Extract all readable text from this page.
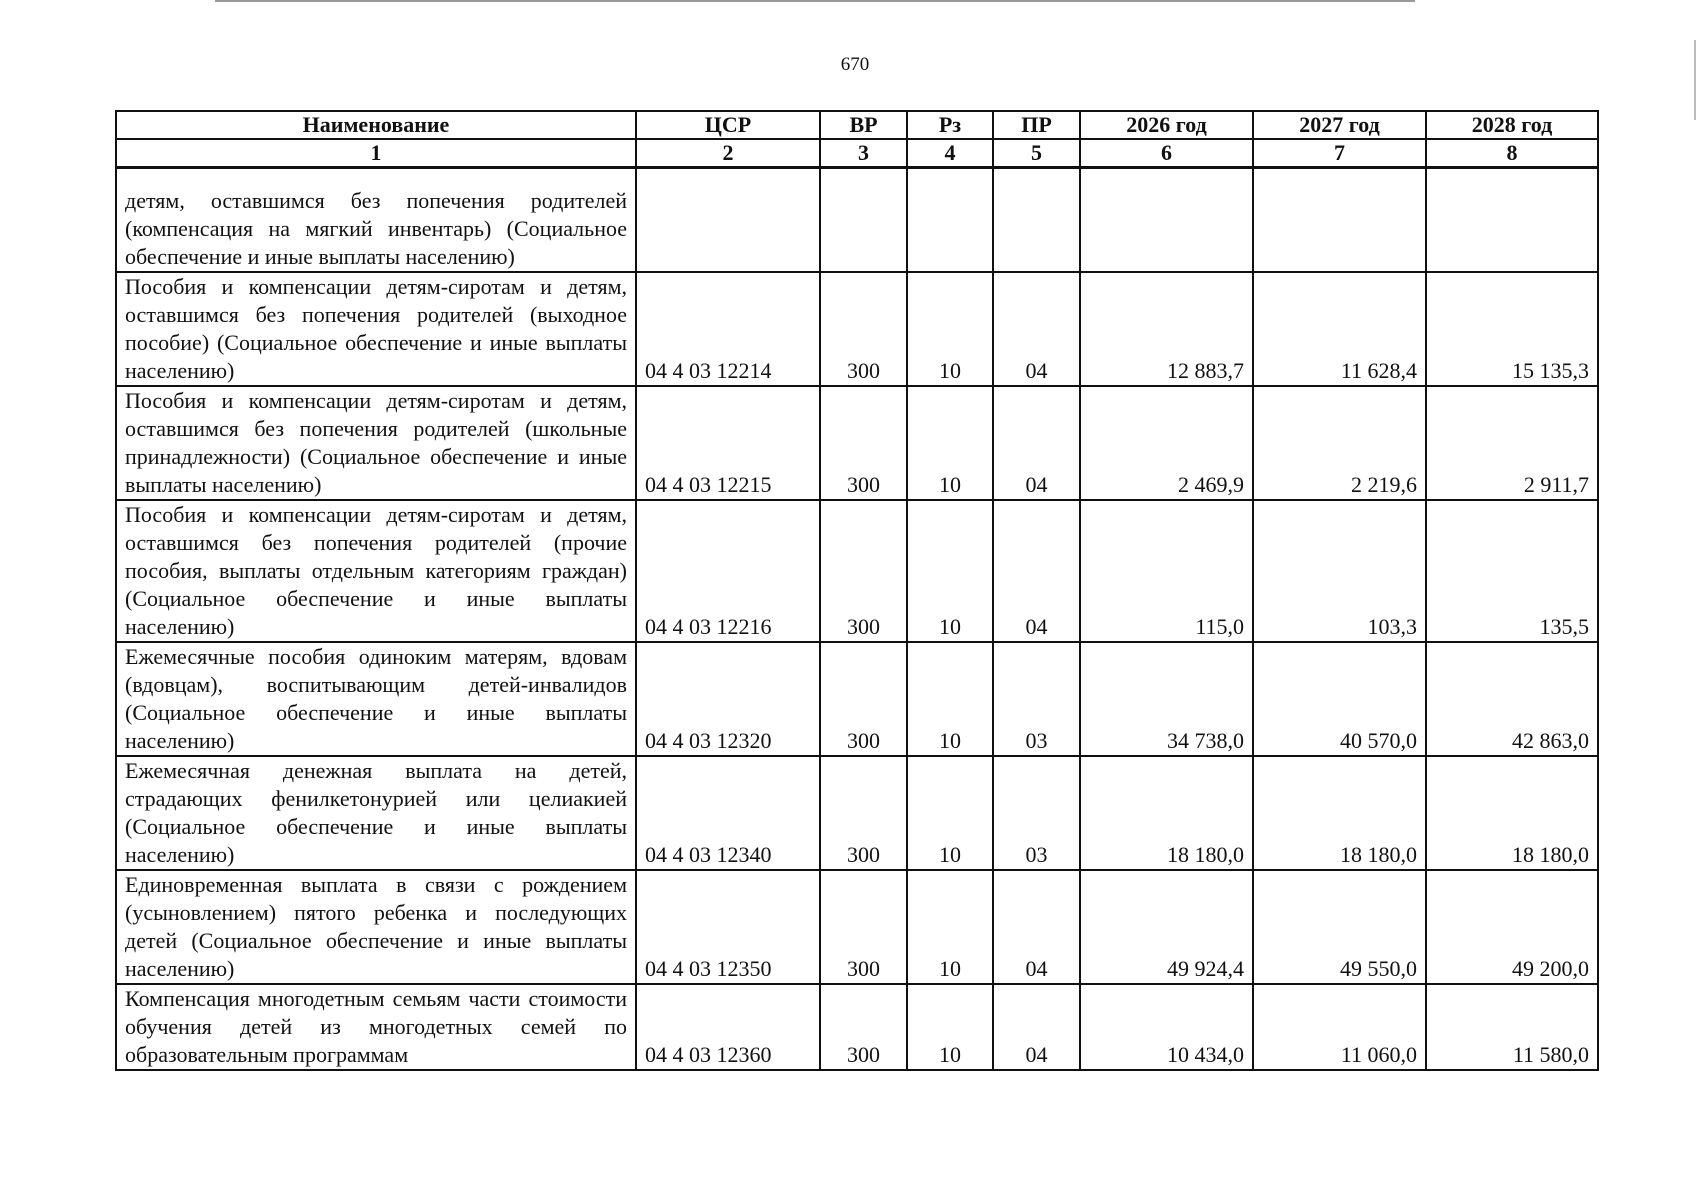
670
Наименование	ЦСР	ВР	Рз	ПР	2026 год	2027 год	2028 год
1	2	3	4	5	6	7	8
детям, оставшимся без попечения родителей (компенсация на мягкий инвентарь) (Социальное обеспечение и иные выплаты населению)							
Пособия и компенсации детям-сиротам и детям, оставшимся без попечения родителей (выходное пособие) (Социальное обеспечение и иные выплаты населению)	04 4 03 12214	300	10	04	12 883,7	11 628,4	15 135,3
Пособия и компенсации детям-сиротам и детям, оставшимся без попечения родителей (школьные принадлежности) (Социальное обеспечение и иные выплаты населению)	04 4 03 12215	300	10	04	2 469,9	2 219,6	2 911,7
Пособия и компенсации детям-сиротам и детям, оставшимся без попечения родителей (прочие пособия, выплаты отдельным категориям граждан) (Социальное обеспечение и иные выплаты населению)	04 4 03 12216	300	10	04	115,0	103,3	135,5
Ежемесячные пособия одиноким матерям, вдовам (вдовцам), воспитывающим детей-инвалидов (Социальное обеспечение и иные выплаты населению)	04 4 03 12320	300	10	03	34 738,0	40 570,0	42 863,0
Ежемесячная денежная выплата на детей, страдающих фенилкетонурией или целиакией (Социальное обеспечение и иные выплаты населению)	04 4 03 12340	300	10	03	18 180,0	18 180,0	18 180,0
Единовременная выплата в связи с рождением (усыновлением) пятого ребенка и последующих детей (Социальное обеспечение и иные выплаты населению)	04 4 03 12350	300	10	04	49 924,4	49 550,0	49 200,0
Компенсация многодетным семьям части стоимости обучения детей из многодетных семей по образовательным программам	04 4 03 12360	300	10	04	10 434,0	11 060,0	11 580,0
